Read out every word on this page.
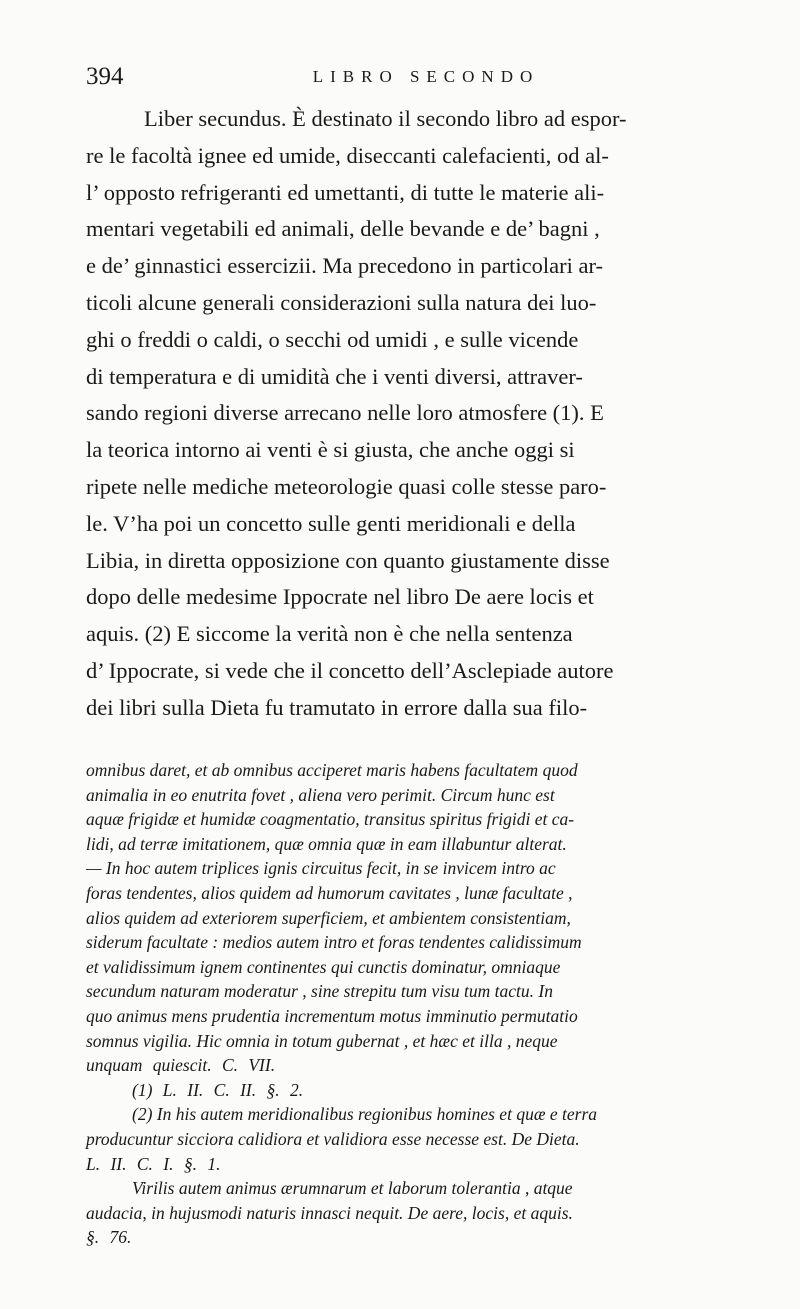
394	LIBRO SECONDO
Liber secundus. È destinato il secondo libro ad espor-
re le facoltà ignee ed umide, diseccanti calefacienti, od al-
l’ opposto refrigeranti ed umettanti, di tutte le materie ali-
mentari vegetabili ed animali, delle bevande e de’ bagni ,
e de’ ginnastici essercizii. Ma precedono in particolari ar-
ticoli alcune generali considerazioni sulla natura dei luo-
ghi o freddi o caldi, o secchi od umidi , e sulle vicende
di temperatura e di umidità che i venti diversi, attraver-
sando regioni diverse arrecano nelle loro atmosfere (1). E
la teorica intorno ai venti è si giusta, che anche oggi si
ripete nelle mediche meteorologie quasi colle stesse paro-
le. V’ha poi un concetto sulle genti meridionali e della
Libia, in diretta opposizione con quanto giustamente disse
dopo delle medesime Ippocrate nel libro De aere locis et
aquis. (2) E siccome la verità non è che nella sentenza
d’ Ippocrate, si vede che il concetto dell’Asclepiade autore
dei libri sulla Dieta fu tramutato in errore dalla sua filo-
omnibus daret, et ab omnibus acciperet maris habens facultatem quod
animalia in eo enutrita fovet , aliena vero perimit. Circum hunc est
aquæ frigidæ et humidæ coagmentatio, transitus spiritus frigidi et ca-
lidi, ad terræ imitationem, quæ omnia quæ in eam illabuntur alterat.
— In hoc autem triplices ignis circuitus fecit, in se invicem intro ac
foras tendentes, alios quidem ad humorum cavitates , lunæ facultate ,
alios quidem ad exteriorem superficiem, et ambientem consistentiam,
siderum facultate : medios autem intro et foras tendentes calidissimum
et validissimum ignem continentes qui cunctis dominatur, omniaque
secundum naturam moderatur , sine strepitu tum visu tum tactu. In
quo animus mens prudentia incrementum motus imminutio permutatio
somnus vigilia. Hic omnia in totum gubernat , et hæc et illa , neque
unquam quiescit. C. VII.
(1) L. II. C. II. §. 2.
(2) In his autem meridionalibus regionibus homines et quæ e terra
producuntur sicciora calidiora et validiora esse necesse est. De Dieta.
L. II. C. I. §. 1.
Virilis autem animus ærumnarum et laborum tolerantia , atque
audacia, in hujusmodi naturis innasci nequit. De aere, locis, et aquis.
§. 76.
